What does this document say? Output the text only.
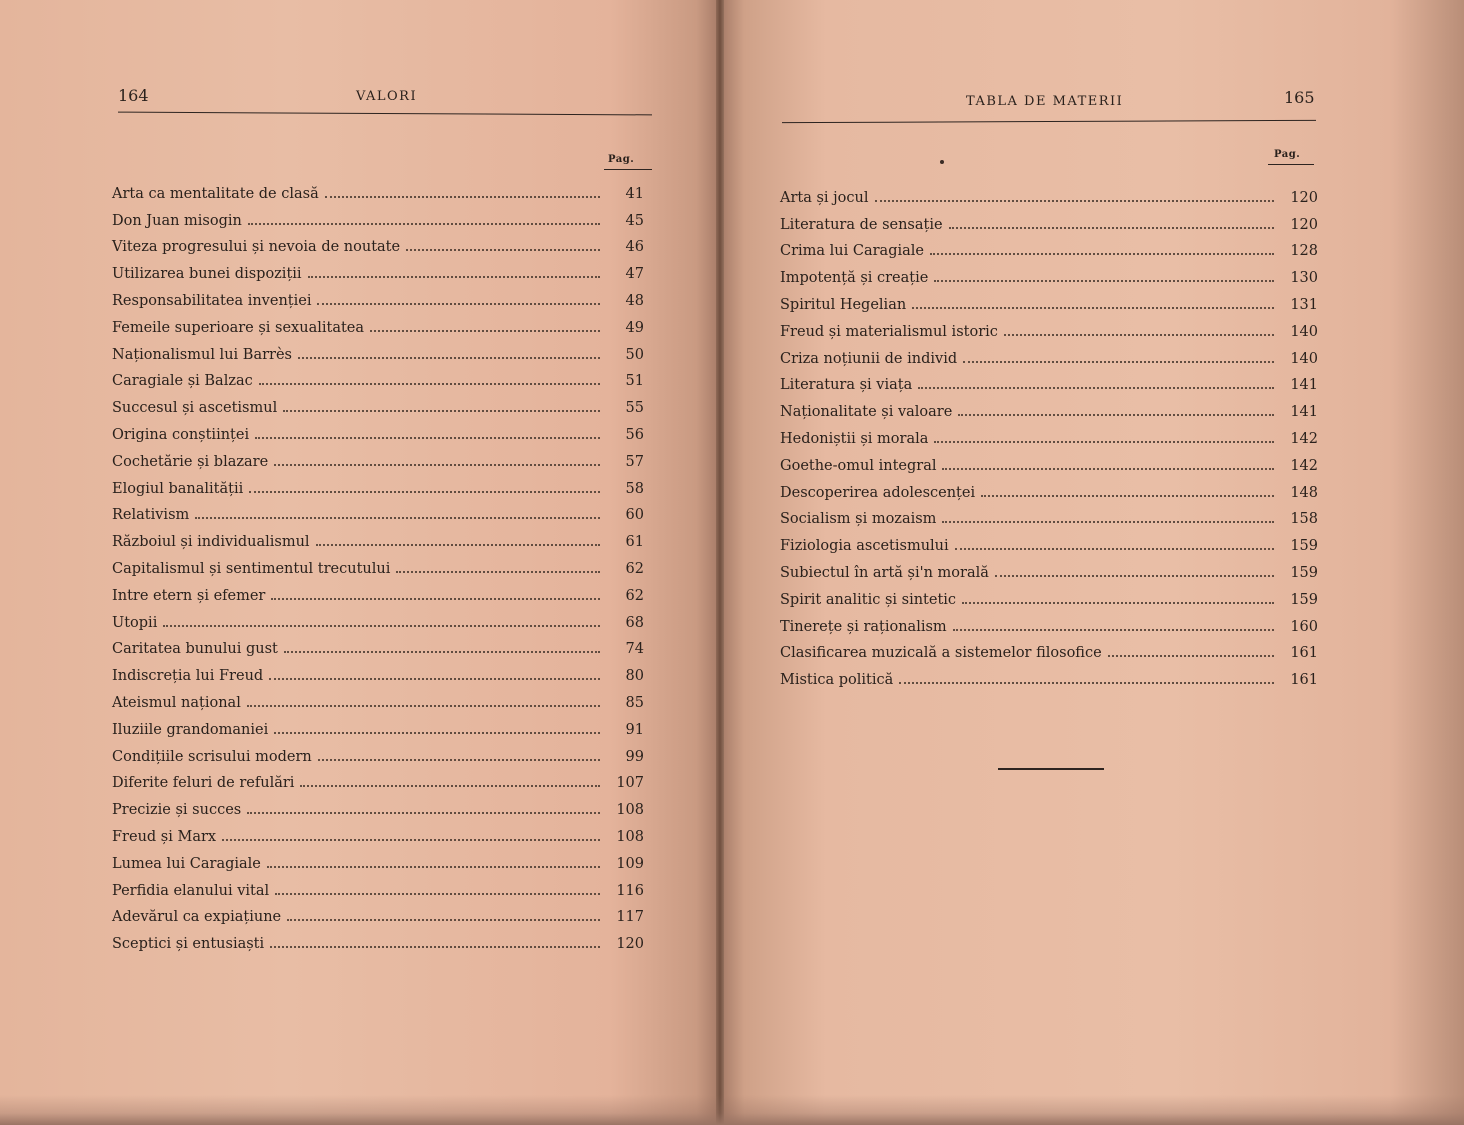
164	VALORI
Pag.
Arta ca mentalitate de clasă	41
Don Juan misogin	45
Viteza progresului și nevoia de noutate	46
Utilizarea bunei dispoziții	47
Responsabilitatea invenției	48
Femeile superioare și sexualitatea	49
Naționalismul lui Barrès	50
Caragiale și Balzac	51
Succesul și ascetismul	55
Origina conștiinței	56
Cochetărie și blazare	57
Elogiul banalității	58
Relativism	60
Războiul și individualismul	61
Capitalismul și sentimentul trecutului	62
Intre etern și efemer	62
Utopii	68
Caritatea bunului gust	74
Indiscreția lui Freud	80
Ateismul național	85
Iluziile grandomaniei	91
Condițiile scrisului modern	99
Diferite feluri de refulări	107
Precizie și succes	108
Freud și Marx	108
Lumea lui Caragiale	109
Perfidia elanului vital	116
Adevărul ca expiațiune	117
Sceptici și entusiaști	120
TABLA DE MATERII	165
Pag.
Arta și jocul	120
Literatura de sensație	120
Crima lui Caragiale	128
Impotență și creație	130
Spiritul Hegelian	131
Freud și materialismul istoric	140
Criza noțiunii de individ	140
Literatura și viața	141
Naționalitate și valoare	141
Hedoniștii și morala	142
Goethe-omul integral	142
Descoperirea adolescenței	148
Socialism și mozaism	158
Fiziologia ascetismului	159
Subiectul în artă și'n morală	159
Spirit analitic și sintetic	159
Tinerețe și raționalism	160
Clasificarea muzicală a sistemelor filosofice	161
Mistica politică	161
